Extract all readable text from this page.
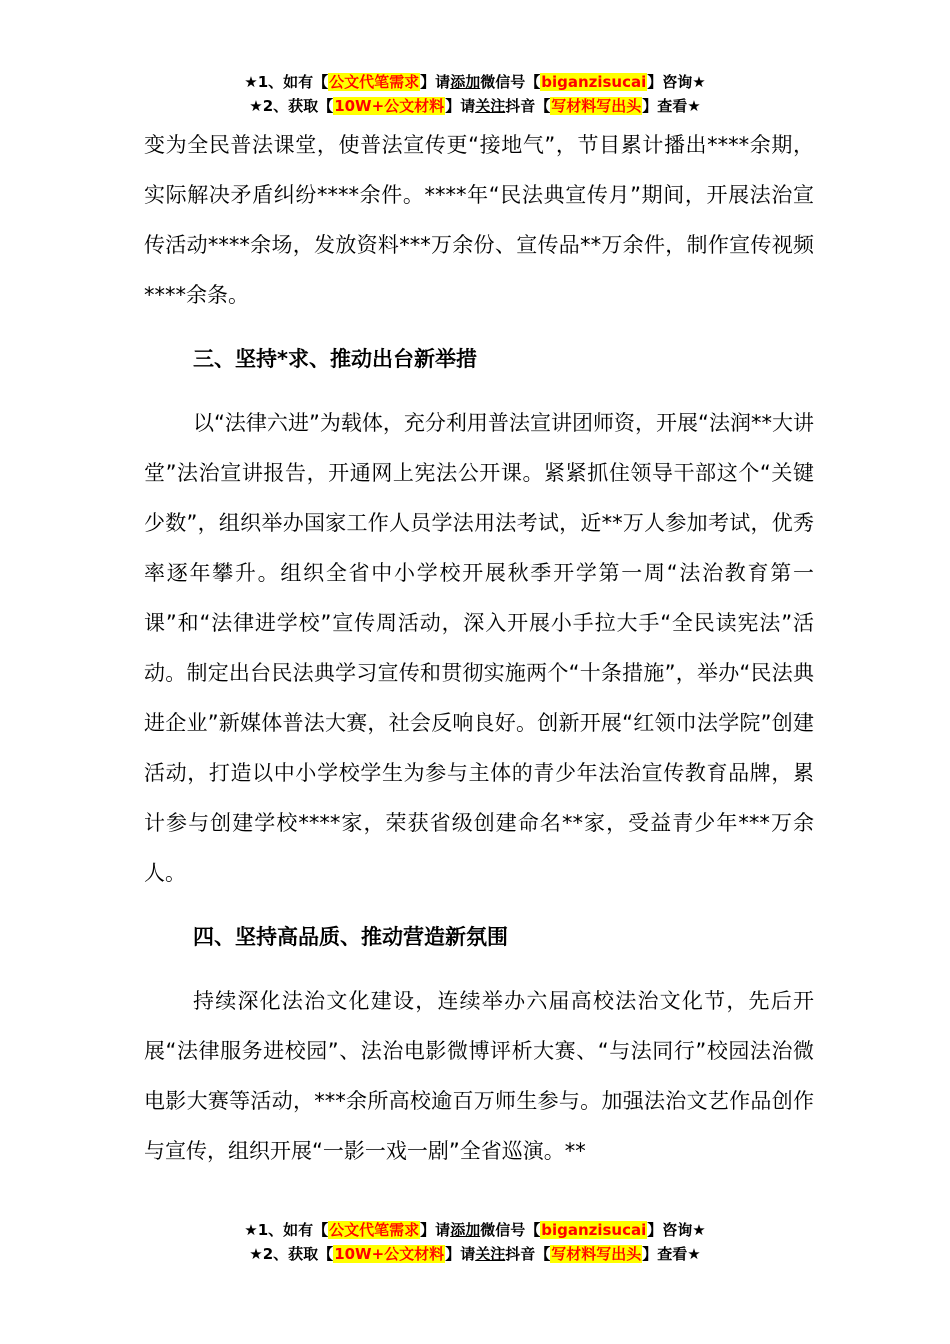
★1、如有【公文代笔需求】请添加微信号【biganzisucai】咨询★
★2、获取【10W+公文材料】请关注抖音【写材料写出头】查看★

变为全民普法课堂，使普法宣传更“接地气”，节目累计播出****余期，实际解决矛盾纠纷****余件。****年“民法典宣传月”期间，开展法治宣传活动****余场，发放资料***万余份、宣传品**万余件，制作宣传视频****余条。

三、坚持*求、推动出台新举措

以“法律六进”为载体，充分利用普法宣讲团师资，开展“法润**大讲堂”法治宣讲报告，开通网上宪法公开课。紧紧抓住领导干部这个“关键少数”，组织举办国家工作人员学法用法考试，近**万人参加考试，优秀率逐年攀升。组织全省中小学校开展秋季开学第一周“法治教育第一课”和“法律进学校”宣传周活动，深入开展小手拉大手“全民读宪法”活动。制定出台民法典学习宣传和贯彻实施两个“十条措施”，举办“民法典进企业”新媒体普法大赛，社会反响良好。创新开展“红领巾法学院”创建活动，打造以中小学校学生为参与主体的青少年法治宣传教育品牌，累计参与创建学校****家，荣获省级创建命名**家，受益青少年***万余人。

四、坚持高品质、推动营造新氛围

持续深化法治文化建设，连续举办六届高校法治文化节，先后开展“法律服务进校园”、法治电影微博评析大赛、“与法同行”校园法治微电影大赛等活动，***余所高校逾百万师生参与。加强法治文艺作品创作与宣传，组织开展“一影一戏一剧”全省巡演。**

★1、如有【公文代笔需求】请添加微信号【biganzisucai】咨询★
★2、获取【10W+公文材料】请关注抖音【写材料写出头】查看★
